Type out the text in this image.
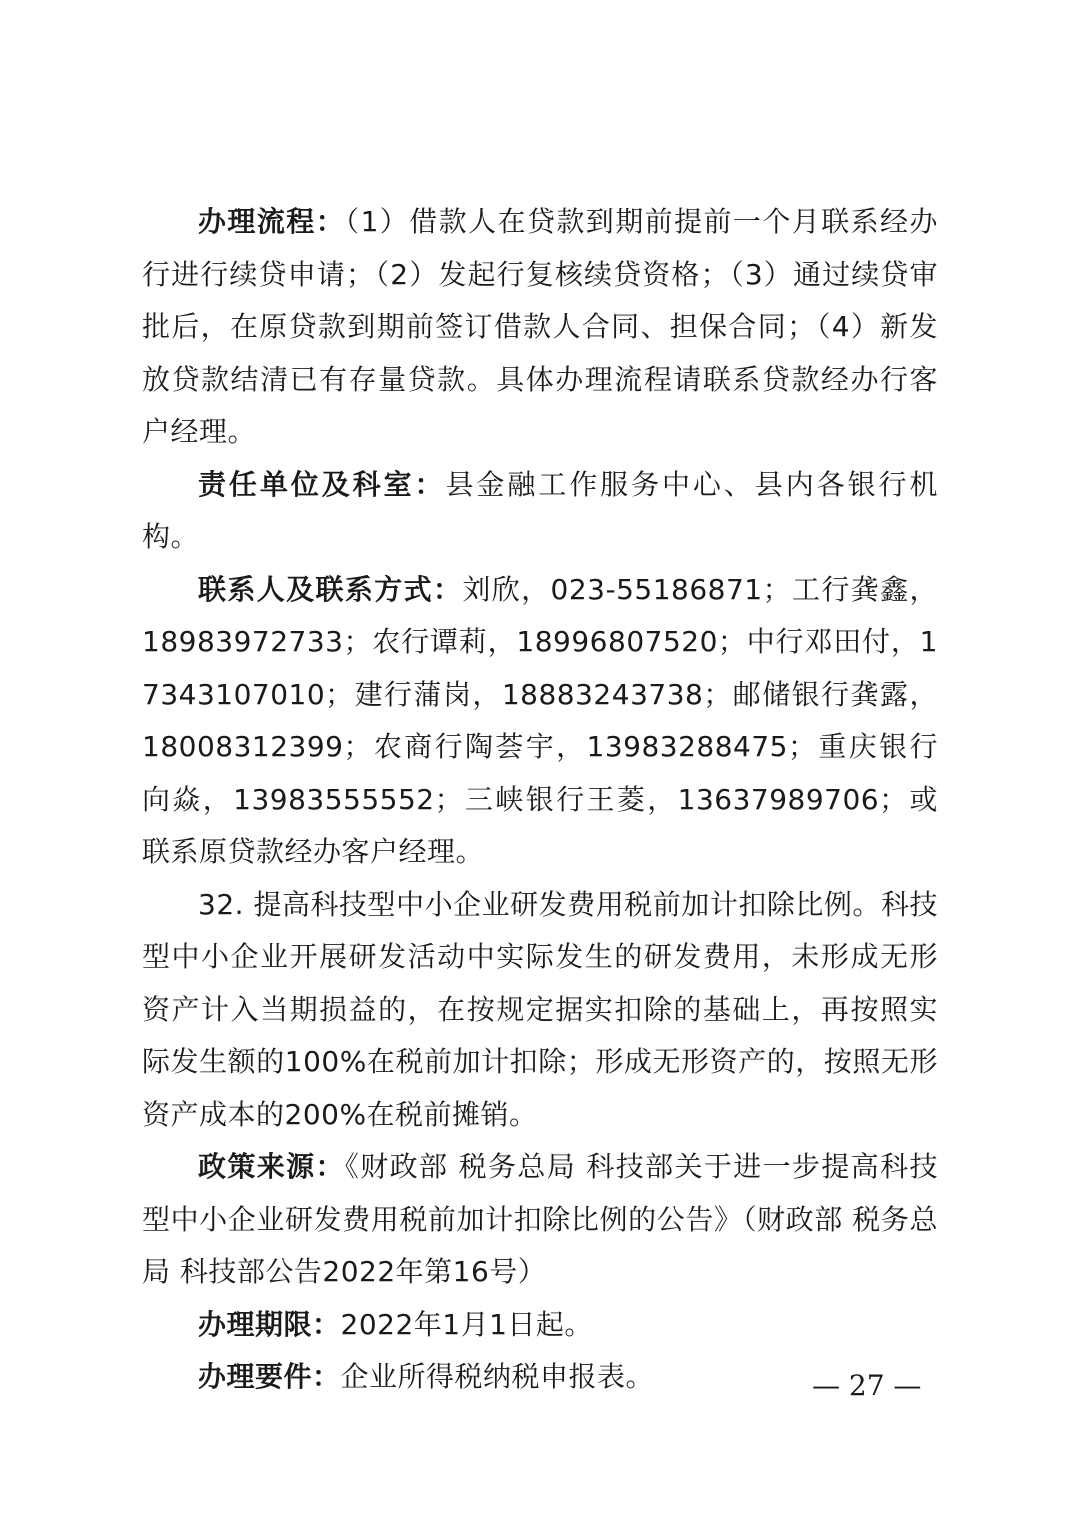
办理流程：（1）借款人在贷款到期前提前一个月联系经办行进行续贷申请；（2）发起行复核续贷资格；（3）通过续贷审批后，在原贷款到期前签订借款人合同、担保合同；（4）新发放贷款结清已有存量贷款。具体办理流程请联系贷款经办行客户经理。

责任单位及科室：县金融工作服务中心、县内各银行机构。

联系人及联系方式：刘欣，023-55186871；工行龚鑫，18983972733；农行谭莉，18996807520；中行邓田付，17343107010；建行蒲岗，18883243738；邮储银行龚露，18008312399；农商行陶荟宇，13983288475；重庆银行向焱，13983555552；三峡银行王菱，13637989706；或联系原贷款经办客户经理。

32. 提高科技型中小企业研发费用税前加计扣除比例。科技型中小企业开展研发活动中实际发生的研发费用，未形成无形资产计入当期损益的，在按规定据实扣除的基础上，再按照实际发生额的100%在税前加计扣除；形成无形资产的，按照无形资产成本的200%在税前摊销。

政策来源：《财政部 税务总局 科技部关于进一步提高科技型中小企业研发费用税前加计扣除比例的公告》（财政部 税务总局 科技部公告2022年第16号）

办理期限：2022年1月1日起。

办理要件：企业所得税纳税申报表。	— 27 —
